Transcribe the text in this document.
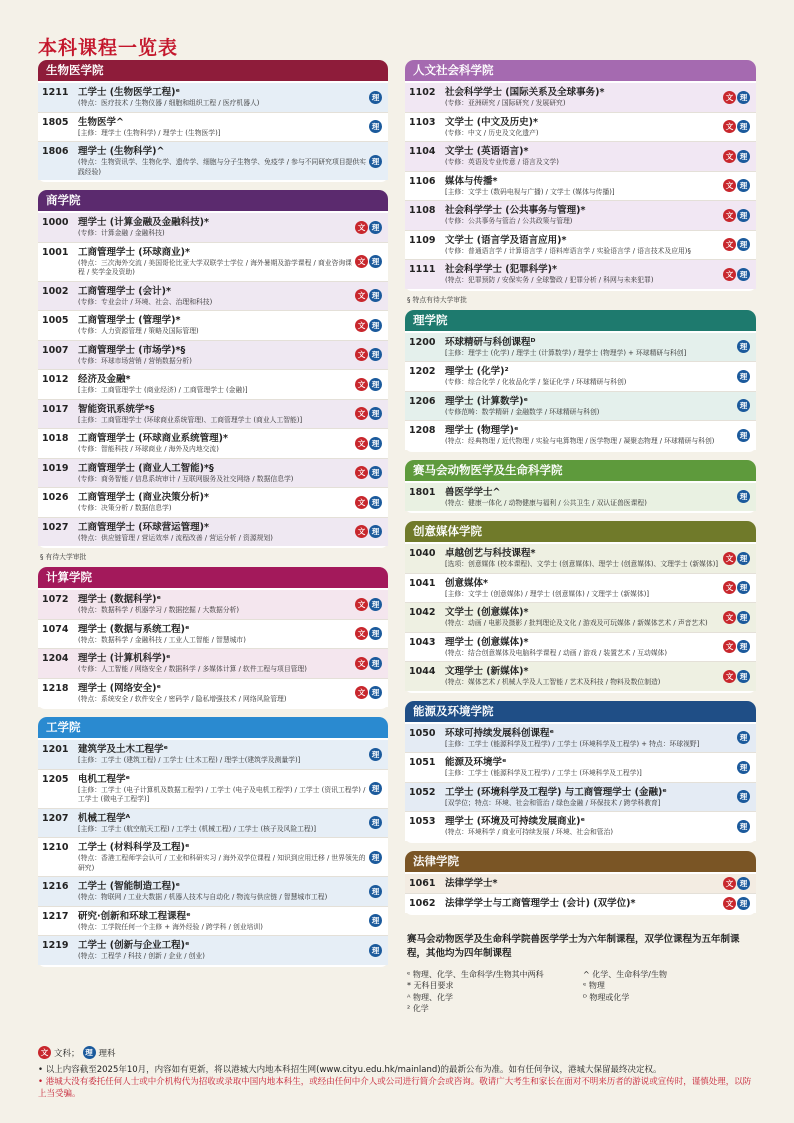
本科课程一览表
生物医学院
1211	工学士 (生物医学工程)ᵉ
(特点：医疗技术 / 生物仪器 / 细胞和组织工程 / 医疗机器人)
理
1805	生物医学^
[主修：理学士 (生物科学) / 理学士 (生物医学)]
理
1806	理学士 (生物科学)^
(特点：生物资讯学、生物化学、遗传学、细胞与分子生物学、免疫学 / 参与不同研究项目提供实践经验)
理
商学院
1000	理学士 (计算金融及金融科技)*
(专修：计算金融 / 金融科技)
文 理
1001	工商管理学士 (环球商业)*
(特点：三次海外交流 / 美国哥伦比亚大学双联学士学位 / 海外暑期及游学课程 / 商业咨询课程 / 奖学金及资助)
文 理
1002	工商管理学士 (会计)*
(专修：专业会计 / 环境、社会、治理和科技)
文 理
1005	工商管理学士 (管理学)*
(专修：人力资源管理 / 策略及国际管理)
文 理
1007	工商管理学士 (市场学)*§
(专修：环球市场营销 / 营销数据分析)
文 理
1012	经济及金融*
[主修：工商管理学士 (商业经济) / 工商管理学士 (金融)]
文 理
1017	智能资讯系统学*§
[主修：工商管理学士 (环球商业系统管理)、工商管理学士 (商业人工智能)]
文 理
1018	工商管理学士 (环球商业系统管理)*
(专修：智能科技 / 环球商业 / 海外及内地交流)
文 理
1019	工商管理学士 (商业人工智能)*§
(专修：商务智能 / 信息系统审计 / 互联网服务及社交网络 / 数据信息学)
文 理
1026	工商管理学士 (商业决策分析)*
(专修：决策分析 / 数据信息学)
文 理
1027	工商管理学士 (环球营运管理)*
(特点：供应链管理 / 营运效率 / 流程改善 / 营运分析 / 资源规划)
文 理
§ 有待大学审批
计算学院
1072	理学士 (数据科学)ᵉ
(特点：数据科学 / 机器学习 / 数据挖掘 / 大数据分析)
文 理
1074	理学士 (数据与系统工程)ᵉ
(特点：数据科学 / 金融科技 / 工业人工智能 / 智慧城市)
文 理
1204	理学士 (计算机科学)ᵉ
(专修：人工智能 / 网络安全 / 数据科学 / 多媒体计算 / 软件工程与项目管理)
文 理
1218	理学士 (网络安全)ᵉ
(特点：系统安全 / 软件安全 / 密码学 / 隐私增强技术 / 网络风险管理)
文 理
工学院
1201	建筑学及土木工程学ᵉ
[主修：工学士 (建筑工程) / 工学士 (土木工程) / 理学士(建筑学及测量学)]
理
1205	电机工程学ᵉ
[主修：工学士 (电子计算机及数据工程学) / 工学士 (电子及电机工程学) / 工学士 (资讯工程学) / 工学士 (微电子工程学)]
理
1207	机械工程学ᴬ
[主修：工学士 (航空航天工程) / 工学士 (机械工程) / 工学士 (核子及风险工程)]
理
1210	工学士 (材料科学及工程)ᵉ
(特点：香港工程师学会认可 / 工业和科研实习 / 海外双学位课程 / 知识到应用迁移 / 世界领先的研究)
理
1216	工学士 (智能制造工程)ᵉ
(特点：物联网 / 工业大数据 / 机器人技术与自动化 / 物流与供应链 / 智慧城市工程)
理
1217	研究·创新和环球工程课程ᵉ
(特点：工学院任何一个主修 + 海外经验 / 跨学科 / 创业培训)
理
1219	工学士 (创新与企业工程)ᵉ
(特点：工程学 / 科技 / 创新 / 企业 / 创业)
理
人文社会科学院
1102	社会科学学士 (国际关系及全球事务)*
(专修：亚洲研究 / 国际研究 / 发展研究)
文 理
1103	文学士 (中文及历史)*
(专修：中文 / 历史及文化遗产)
文 理
1104	文学士 (英语语言)*
(专修：英语及专业传意 / 语言及文学)
文 理
1106	媒体与传播*
[主修：文学士 (数码电视与广播) / 文学士 (媒体与传播)]
文 理
1108	社会科学学士 (公共事务与管理)*
(专修：公共事务与管治 / 公共政策与管理)
文 理
1109	文学士 (语言学及语言应用)*
(专修：普通语言学 / 计算语言学 / 语料库语言学 / 实验语言学 / 语言技术及应用)§
文 理
1111	社会科学学士 (犯罪科学)*
(特点：犯罪预防 / 安保实务 / 全球警政 / 犯罪分析 / 科网与未来犯罪)
文 理
§ 特点有待大学审批
理学院
1200	环球精研与科创课程ᴰ
[主修：理学士 (化学) / 理学士 (计算数学) / 理学士 (物理学) + 环球精研与科创]
理
1202	理学士 (化学)²
(专修：综合化学 / 化妆品化学 / 鉴证化学 / 环球精研与科创)
理
1206	理学士 (计算数学)ᵉ
(专修范畴：数学精研 / 金融数学 / 环球精研与科创)
理
1208	理学士 (物理学)ᵉ
(特点：经典物理 / 近代物理 / 实验与电算物理 / 医学物理 / 凝聚态物理 / 环球精研与科创)
理
赛马会动物医学及生命科学院
1801	兽医学学士^
(特点：健康一体化 / 动物健康与福利 / 公共卫生 / 双认证兽医课程)
理
创意媒体学院
1040	卓越创艺与科技课程*
[选项：创意媒体 (校本课程)、文学士 (创意媒体)、理学士 (创意媒体)、文理学士 (新媒体)]
文 理
1041	创意媒体*
[主修：文学士 (创意媒体) / 理学士 (创意媒体) / 文理学士 (新媒体)]
文 理
1042	文学士 (创意媒体)*
(特点：动画 / 电影及摄影 / 批判理论及文化 / 游戏及可玩媒体 / 新媒体艺术 / 声音艺术)
文 理
1043	理学士 (创意媒体)*
(特点：结合创意媒体及电脑科学课程 / 动画 / 游戏 / 装置艺术 / 互动媒体)
文 理
1044	文理学士 (新媒体)*
(特点：媒体艺术 / 机械人学及人工智能 / 艺术及科技 / 物料及数位制造)
文 理
能源及环境学院
1050	环球可持续发展科创课程ᵉ
[主修：工学士 (能源科学及工程学) / 工学士 (环境科学及工程学) + 特点：环球视野]
理
1051	能源及环境学ᵉ
[主修：工学士 (能源科学及工程学) / 工学士 (环境科学及工程学)]
理
1052	工学士 (环境科学及工程学) 与工商管理学士 (金融)ᵉ
[双学位；特点：环境、社会和管治 / 绿色金融 / 环保技术 / 跨学科教育]
理
1053	理学士 (环境及可持续发展商业)ᵉ
(特点：环境科学 / 商业可持续发展 / 环境、社会和管治)
理
法律学院
1061	法律学学士*	文 理
1062	法律学学士与工商管理学士 (会计) (双学位)*	文 理
赛马会动物医学及生命科学院兽医学学士为六年制课程，双学位课程为五年制课程，其他均为四年制课程
ᵉ 物理、化学、生命科学/生物其中两科	^ 化学、生命科学/生物
* 无科目要求	ᵉ 物理
ᴬ 物理、化学	ᴰ 物理或化学
² 化学
文 文科； 理 理科
• 以上内容截至2025年10月，内容如有更新，将以港城大内地本科招生网(www.cityu.edu.hk/mainland)的最新公布为准。如有任何争议，港城大保留最终决定权。
• 港城大没有委托任何人士或中介机构代为招收或录取中国内地本科生，或经由任何中介人或公司进行简介会或咨询。敬请广大考生和家长在面对不明来历者的游说或宣传时，谨慎处理，以防上当受骗。
